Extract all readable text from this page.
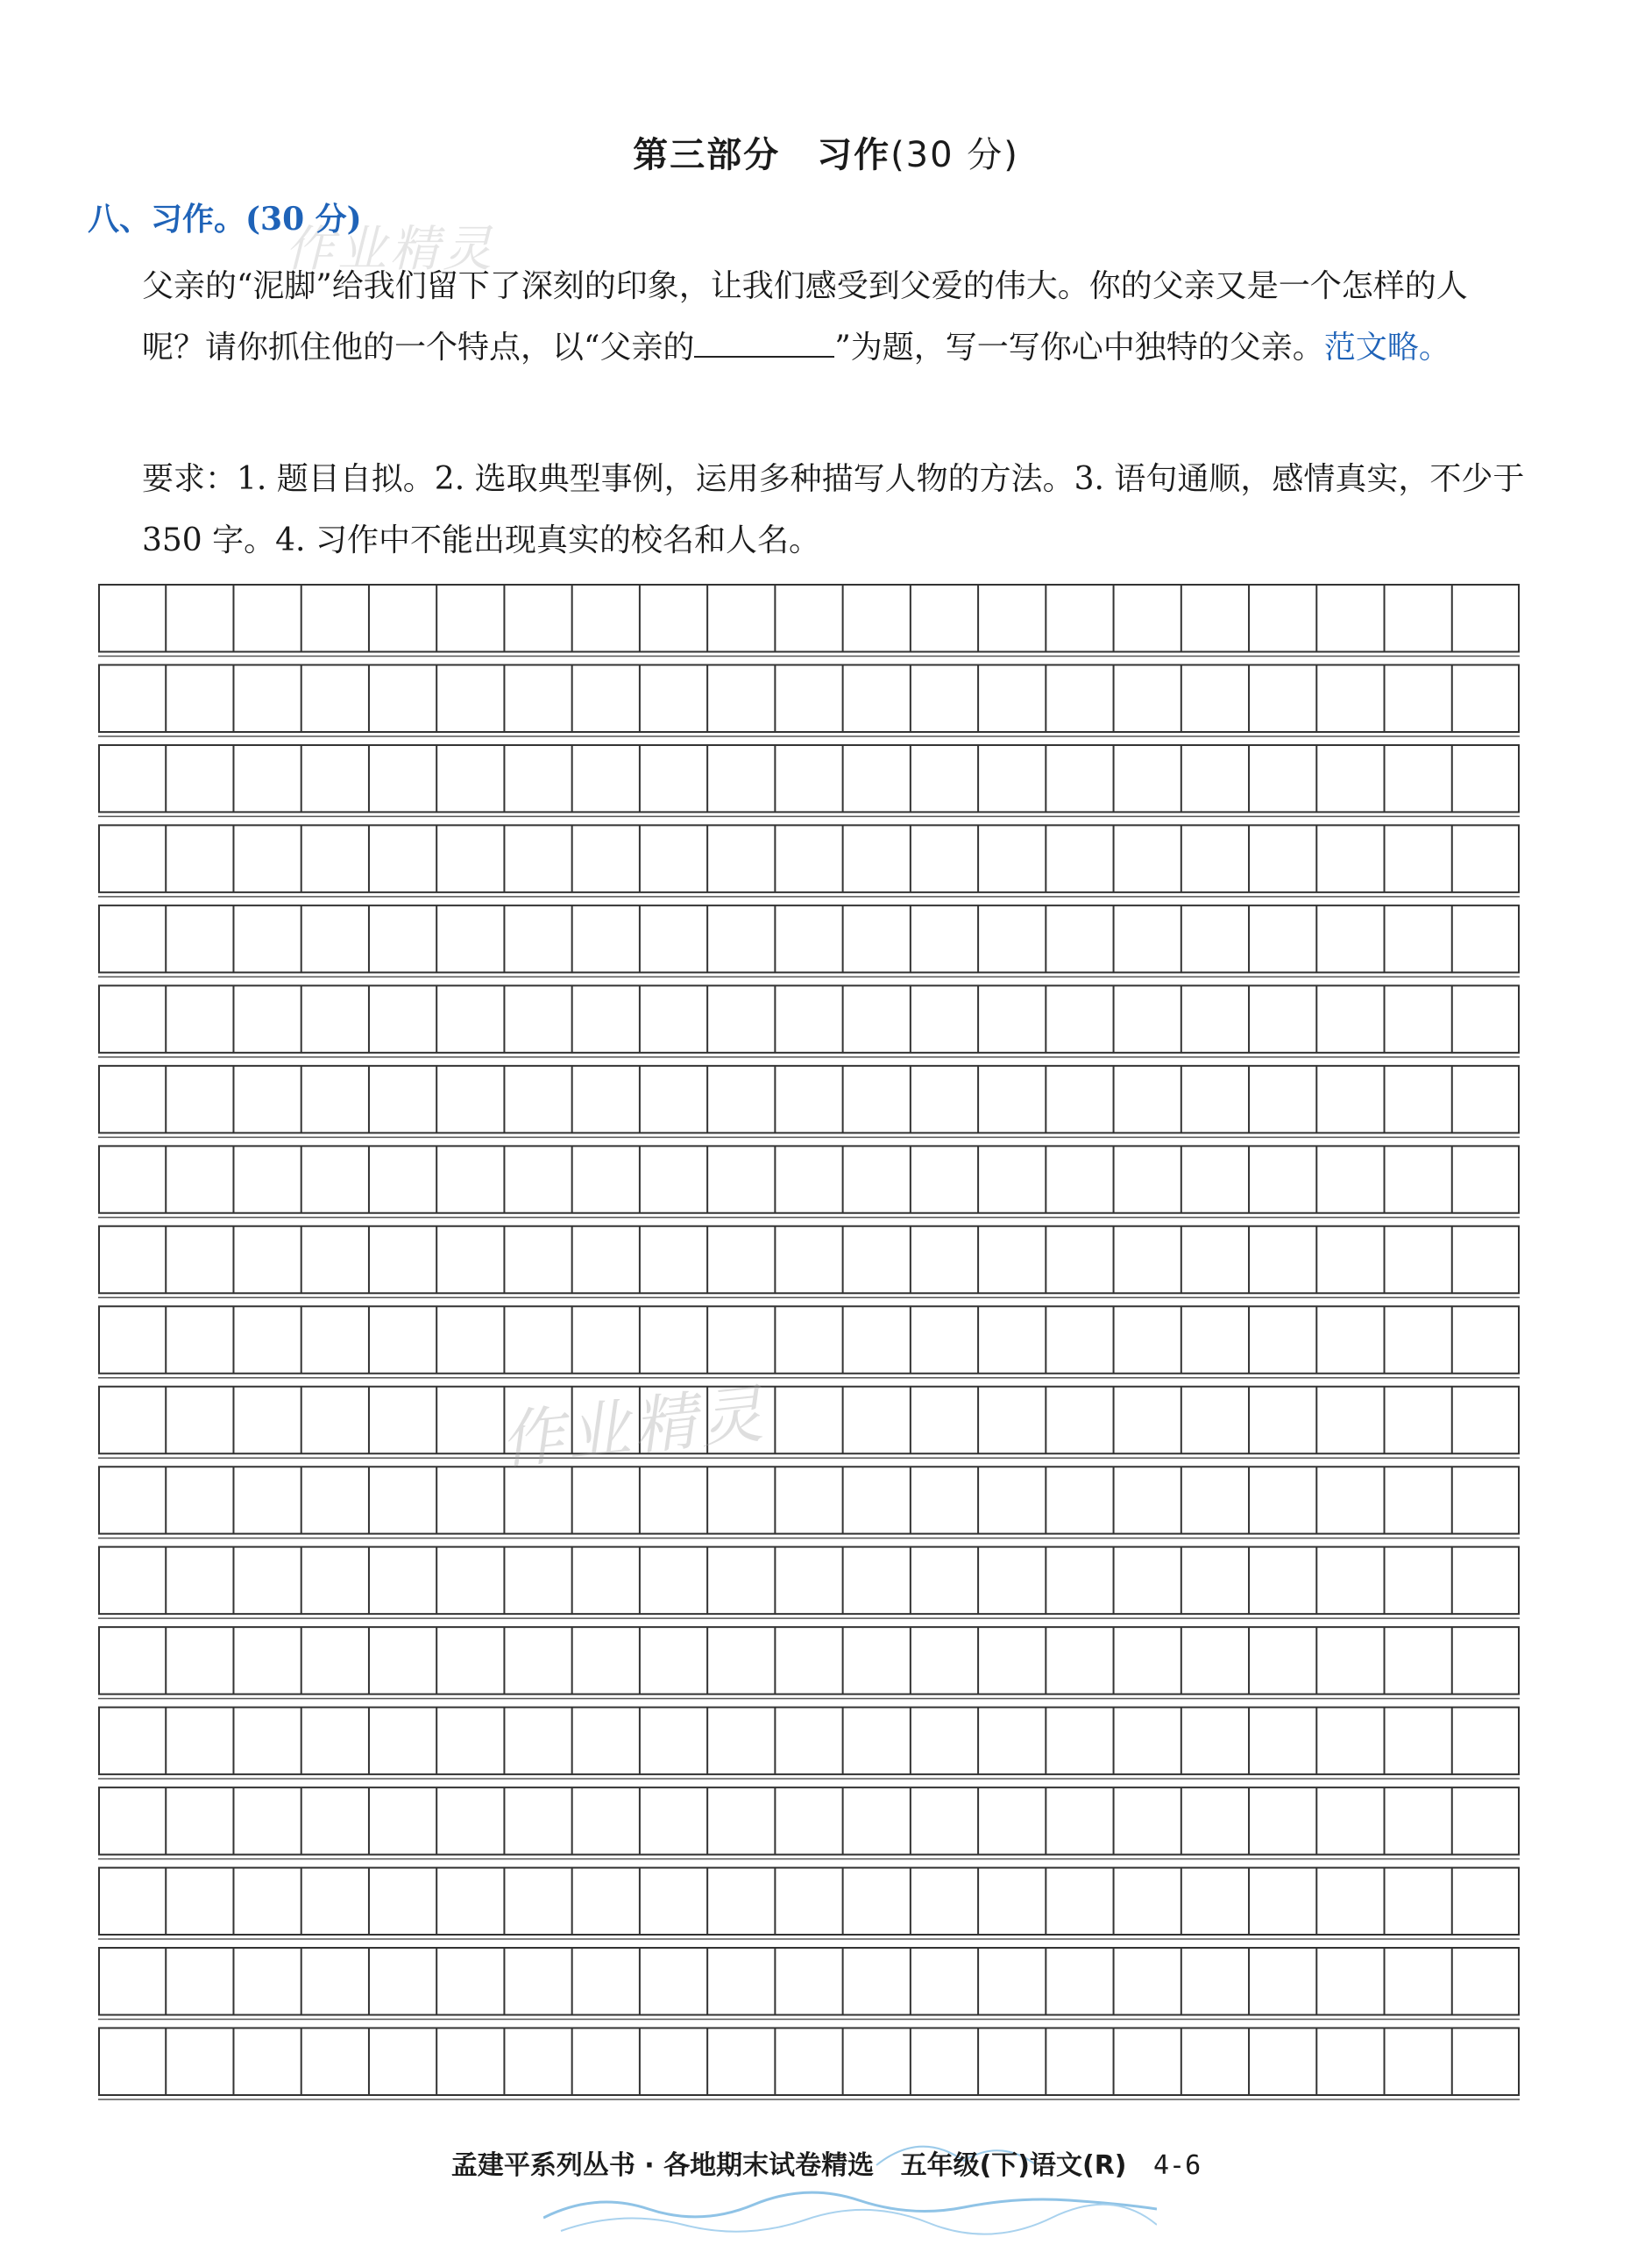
第三部分　习作(30 分)
作业精灵
八、习作。(30 分)

父亲的“泥脚”给我们留下了深刻的印象，让我们感受到父爱的伟大。你的父亲又是一个怎样的人呢？请你抓住他的一个特点，以“父亲的	”为题，写一写你心中独特的父亲。范文略。

要求：1. 题目自拟。2. 选取典型事例，运用多种描写人物的方法。3. 语句通顺，感情真实，不少于 350 字。4. 习作中不能出现真实的校名和人名。

作业精灵
孟建平系列丛书 · 各地期末试卷精选 五年级(下)语文(R) 4-6
